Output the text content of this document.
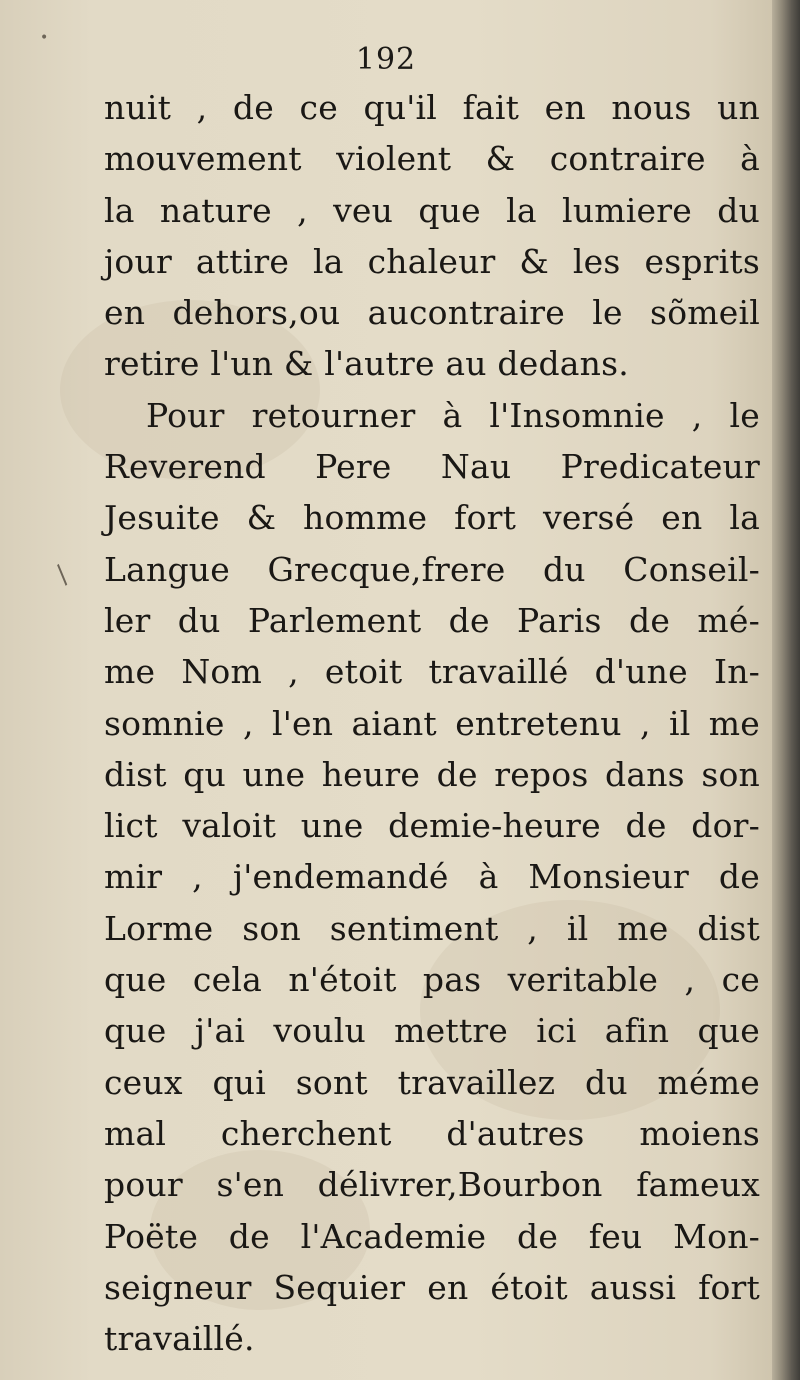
192
nuit , de ce qu'il fait en nous un
mouvement violent & contraire à
la nature , veu que la lumiere du
jour attire la chaleur & les esprits
en dehors,ou aucontraire le sõmeil
retire l'un & l'autre au dedans.
Pour retourner à l'Insomnie , le
Reverend Pere Nau Predicateur
Jesuite & homme fort versé en la
Langue Grecque,frere du Conseil-
ler du Parlement de Paris de mé-
me Nom , etoit travaillé d'une In-
somnie , l'en aiant entretenu , il me
dist qu une heure de repos dans son
lict valoit une demie-heure de dor-
mir , j'endemandé à Monsieur de
Lorme son sentiment , il me dist
que cela n'étoit pas veritable , ce
que j'ai voulu mettre ici afin que
ceux qui sont travaillez du méme
mal cherchent d'autres moiens
pour s'en délivrer,Bourbon fameux
Poëte de l'Academie de feu Mon-
seigneur Sequier en étoit aussi fort
travaillé.
•
/
